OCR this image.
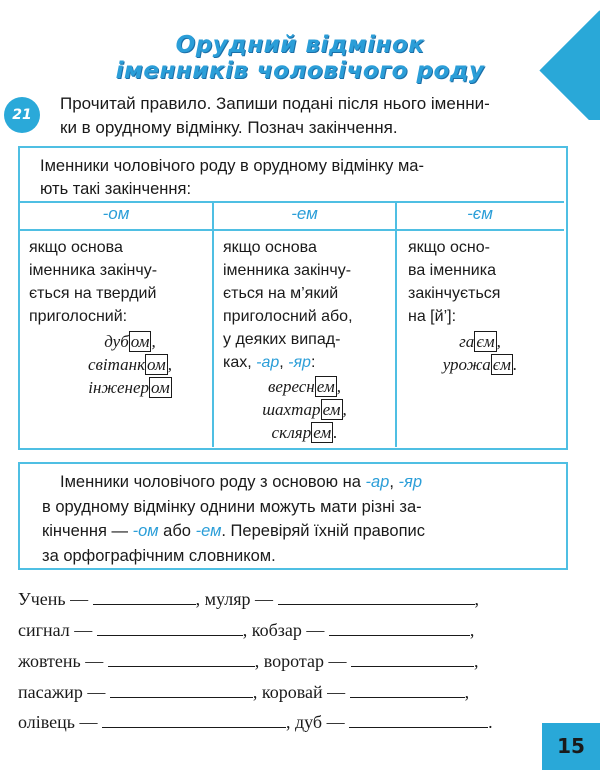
Орудний відмінок
іменників чоловічого роду
21
Прочитай правило. Запиши подані після нього іменни-
ки в орудному відмінку. Познач закінчення.
Іменники чоловічого роду в орудному відмінку ма-
ють такі закінчення:
-ом	-ем	-єм
якщо основа
іменника закінчу-
ється на твердий
приголосний:
дуб ом ,
світанк ом ,
інженер ом
якщо основа
іменника закінчу-
ється на м’який
приголосний або,
у деяких випад-
ках, -ар, -яр:
вересн ем ,
шахтар ем ,
скляр ем .
якщо осно-
ва іменника
закінчується
на [й’]:
га єм ,
урожа єм .
Іменники чоловічого роду з основою на -ар, -яр
в орудному відмінку однини можуть мати різні за-
кінчення — -ом або -ем. Перевіряй їхній правопис
за орфографічним словником.
Учень —	, муляр —	,
сигнал —	, кобзар —	,
жовтень —	, воротар —	,
пасажир —	, коровай —	,
олівець —	, дуб —	.
15
